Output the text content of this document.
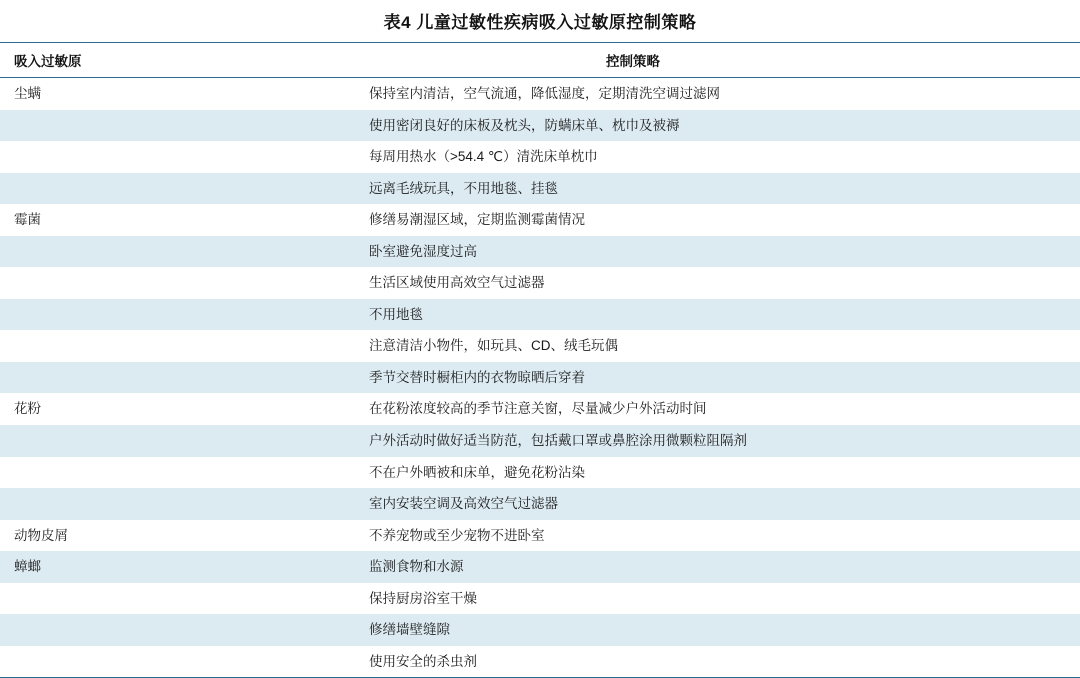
表4 儿童过敏性疾病吸入过敏原控制策略
吸入过敏原	控制策略
尘螨	保持室内清洁，空气流通，降低湿度，定期清洗空调过滤网
	使用密闭良好的床板及枕头，防螨床单、枕巾及被褥
	每周用热水（>54.4 ℃）清洗床单枕巾
	远离毛绒玩具，不用地毯、挂毯
霉菌	修缮易潮湿区域，定期监测霉菌情况
	卧室避免湿度过高
	生活区域使用高效空气过滤器
	不用地毯
	注意清洁小物件，如玩具、CD、绒毛玩偶
	季节交替时橱柜内的衣物晾晒后穿着
花粉	在花粉浓度较高的季节注意关窗，尽量减少户外活动时间
	户外活动时做好适当防范，包括戴口罩或鼻腔涂用微颗粒阻隔剂
	不在户外晒被和床单，避免花粉沾染
	室内安装空调及高效空气过滤器
动物皮屑	不养宠物或至少宠物不进卧室
蟑螂	监测食物和水源
	保持厨房浴室干燥
	修缮墙壁缝隙
	使用安全的杀虫剂
